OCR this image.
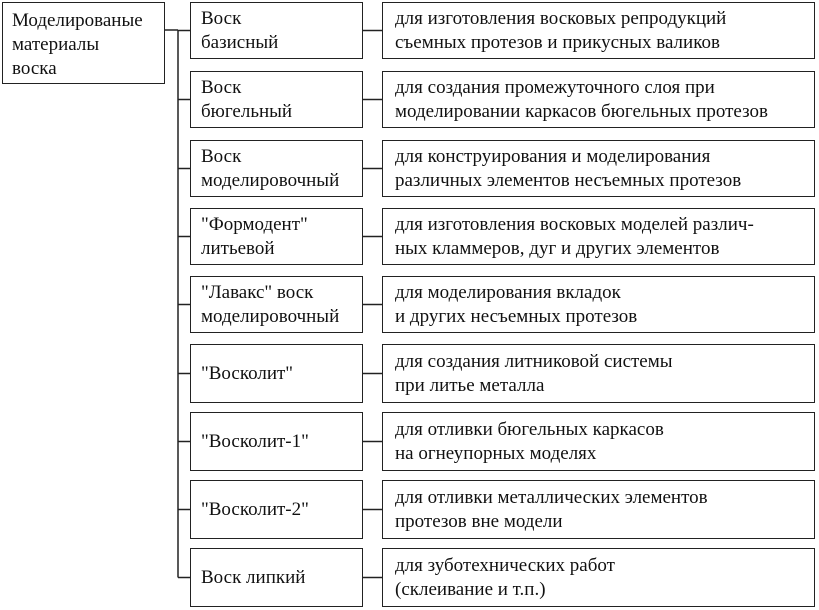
Моделированые
материалы
воска
Воск
базисный
для изготовления восковых репродукций
съемных протезов и прикусных валиков
Воск
бюгельный
для создания промежуточного слоя при
моделировании каркасов бюгельных протезов
Воск
моделировочный
для конструирования и моделирования
различных элементов несъемных протезов
"Формодент"
литьевой
для изготовления восковых моделей различ-
ных кламмеров, дуг и других элементов
"Лавакс" воск
моделировочный
для моделирования вкладок
и других несъемных протезов
"Восколит"
для создания литниковой системы
при литье металла
"Восколит-1"
для отливки бюгельных каркасов
на огнеупорных моделях
"Восколит-2"
для отливки металлических элементов
протезов вне модели
Воск липкий
для зуботехнических работ
(склеивание и т.п.)
